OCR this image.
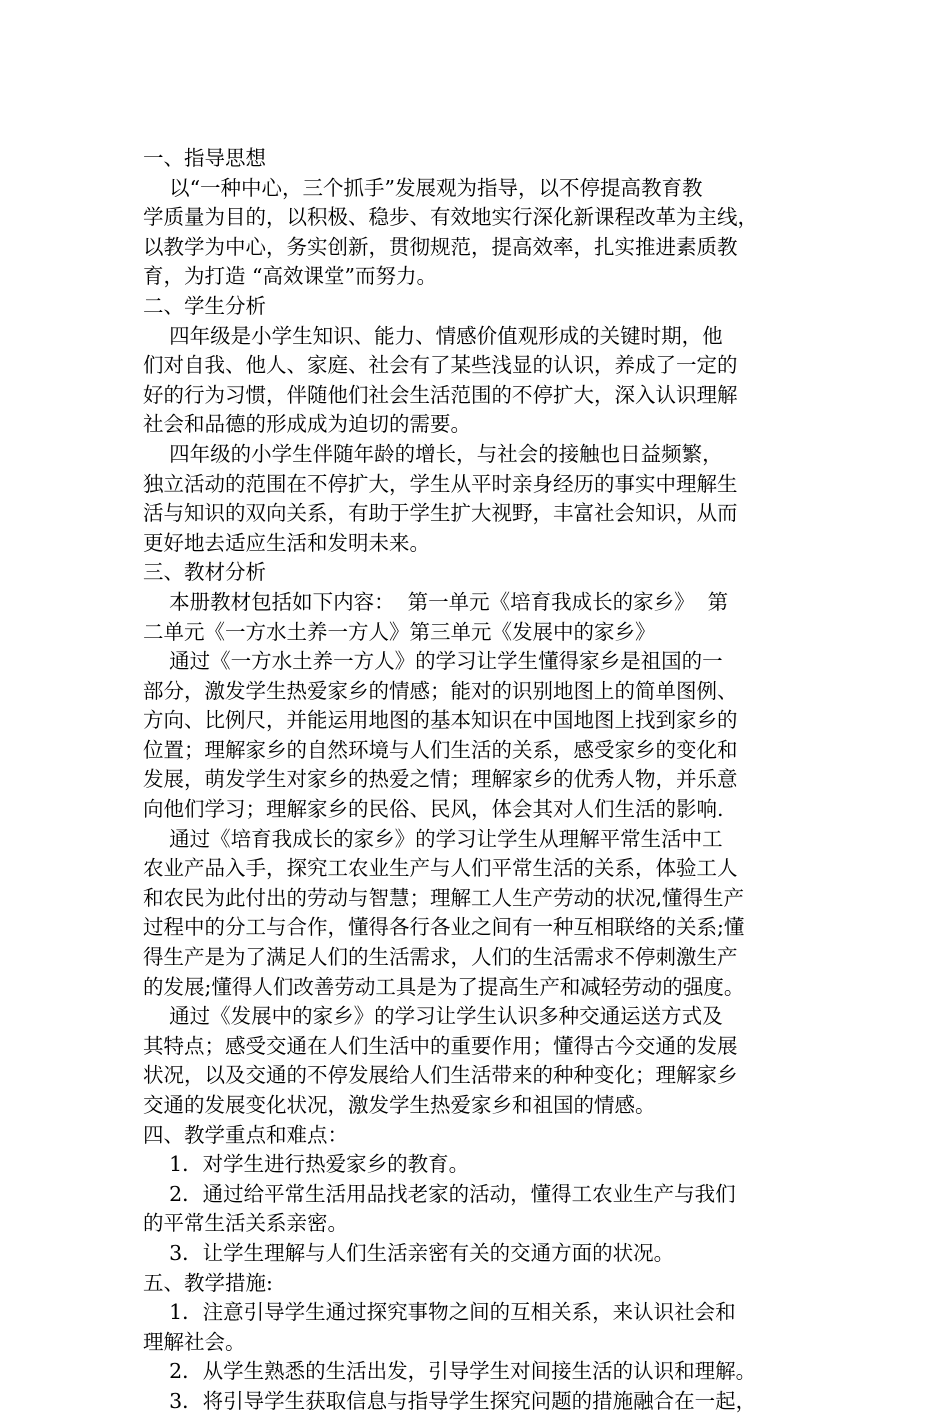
一、指导思想
以“一种中心，三个抓手”发展观为指导，以不停提高教育教
学质量为目的，以积极、稳步、有效地实行深化新课程改革为主线，
以教学为中心，务实创新，贯彻规范，提高效率，扎实推进素质教
育，为打造 “高效课堂”而努力。
二、学生分析
四年级是小学生知识、能力、情感价值观形成的关键时期，他
们对自我、他人、家庭、社会有了某些浅显的认识，养成了一定的
好的行为习惯，伴随他们社会生活范围的不停扩大，深入认识理解
社会和品德的形成成为迫切的需要。
四年级的小学生伴随年龄的增长，与社会的接触也日益频繁，
独立活动的范围在不停扩大，学生从平时亲身经历的事实中理解生
活与知识的双向关系，有助于学生扩大视野，丰富社会知识，从而
更好地去适应生活和发明未来。
三、教材分析
本册教材包括如下内容：  第一单元《培育我成长的家乡》  第
二单元《一方水土养一方人》第三单元《发展中的家乡》
通过《一方水土养一方人》的学习让学生懂得家乡是祖国的一
部分，激发学生热爱家乡的情感；能对的识别地图上的简单图例、
方向、比例尺，并能运用地图的基本知识在中国地图上找到家乡的
位置；理解家乡的自然环境与人们生活的关系，感受家乡的变化和
发展，萌发学生对家乡的热爱之情；理解家乡的优秀人物，并乐意
向他们学习；理解家乡的民俗、民风，体会其对人们生活的影响.
通过《培育我成长的家乡》的学习让学生从理解平常生活中工
农业产品入手，探究工农业生产与人们平常生活的关系，体验工人
和农民为此付出的劳动与智慧；理解工人生产劳动的状况,懂得生产
过程中的分工与合作，懂得各行各业之间有一种互相联络的关系;懂
得生产是为了满足人们的生活需求，人们的生活需求不停刺激生产
的发展;懂得人们改善劳动工具是为了提高生产和减轻劳动的强度。
通过《发展中的家乡》的学习让学生认识多种交通运送方式及
其特点；感受交通在人们生活中的重要作用；懂得古今交通的发展
状况，以及交通的不停发展给人们生活带来的种种变化；理解家乡
交通的发展变化状况，激发学生热爱家乡和祖国的情感。
四、教学重点和难点：
1．对学生进行热爱家乡的教育。
2．通过给平常生活用品找老家的活动，懂得工农业生产与我们
的平常生活关系亲密。
3．让学生理解与人们生活亲密有关的交通方面的状况。
五、教学措施:
1．注意引导学生通过探究事物之间的互相关系，来认识社会和
理解社会。
2．从学生熟悉的生活出发，引导学生对间接生活的认识和理解。
3．将引导学生获取信息与指导学生探究问题的措施融合在一起，
